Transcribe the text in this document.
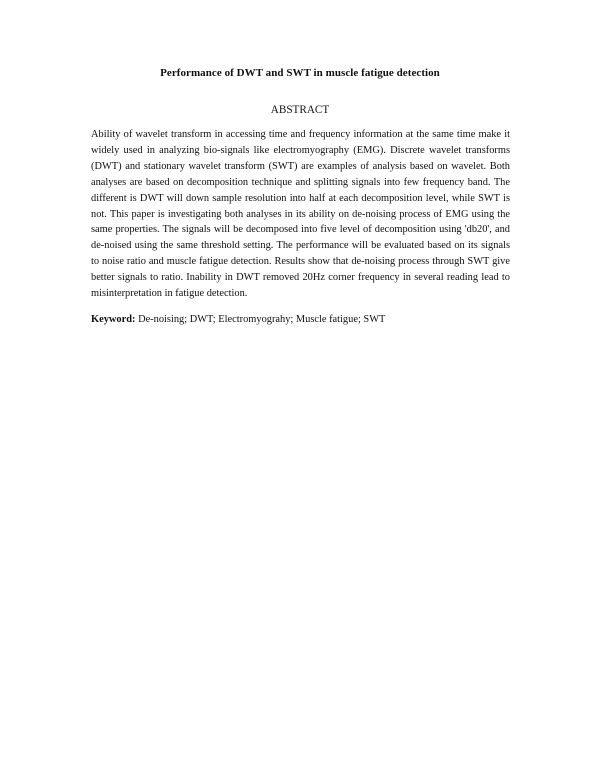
Performance of DWT and SWT in muscle fatigue detection
ABSTRACT
Ability of wavelet transform in accessing time and frequency information at the same time make it widely used in analyzing bio-signals like electromyography (EMG). Discrete wavelet transforms (DWT) and stationary wavelet transform (SWT) are examples of analysis based on wavelet. Both analyses are based on decomposition technique and splitting signals into few frequency band. The different is DWT will down sample resolution into half at each decomposition level, while SWT is not. This paper is investigating both analyses in its ability on de-noising process of EMG using the same properties. The signals will be decomposed into five level of decomposition using 'db20', and de-noised using the same threshold setting. The performance will be evaluated based on its signals to noise ratio and muscle fatigue detection. Results show that de-noising process through SWT give better signals to ratio. Inability in DWT removed 20Hz corner frequency in several reading lead to misinterpretation in fatigue detection.
Keyword: De-noising; DWT; Electromyograhy; Muscle fatigue; SWT
